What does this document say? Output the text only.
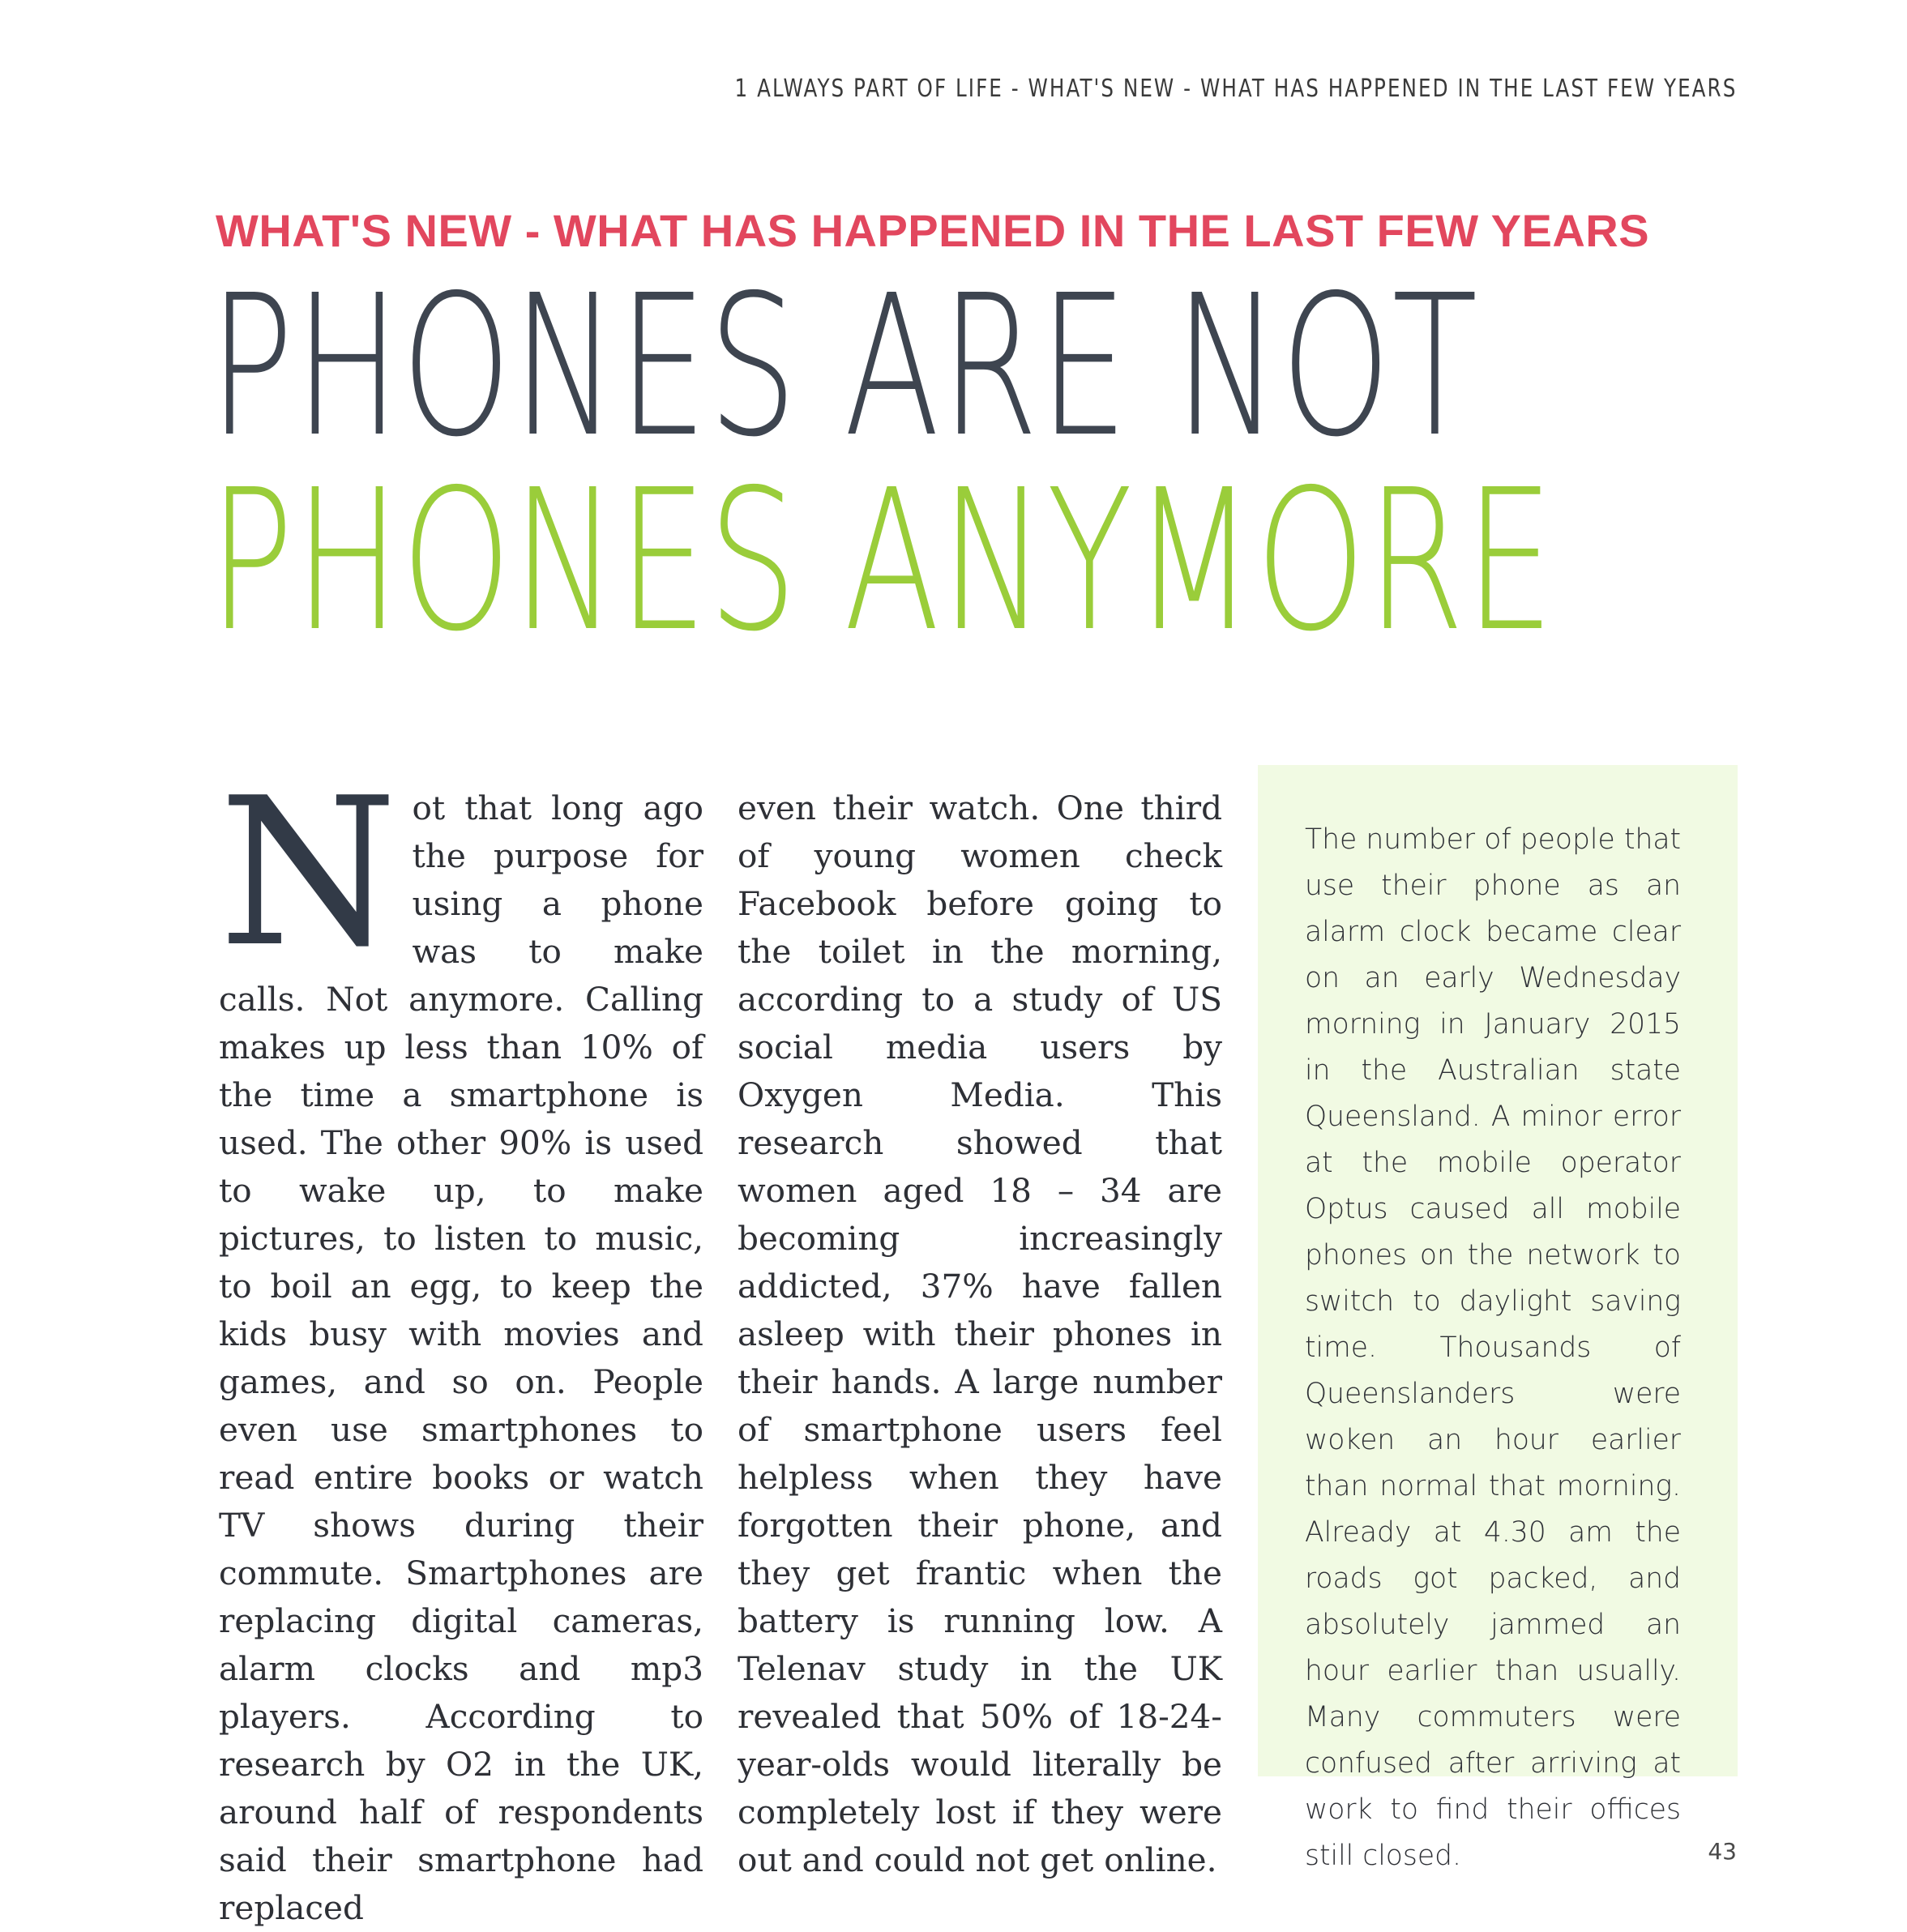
1 ALWAYS PART OF LIFE - WHAT'S NEW - WHAT HAS HAPPENED IN THE LAST FEW YEARS
WHAT'S NEW - WHAT HAS HAPPENED IN THE LAST FEW YEARS
PHONES ARE NOT
PHONES ANYMORE
Not that long ago the purpose for using a phone was to make calls. Not anymore. Calling makes up less than 10% of the time a smartphone is used. The other 90% is used to wake up, to make pictures, to listen to music, to boil an egg, to keep the kids busy with movies and games, and so on. People even use smartphones to read entire books or watch TV shows during their commute. Smartphones are replacing digital cameras, alarm clocks and mp3 players. According to research by O2 in the UK, around half of respondents said their smartphone had replaced
even their watch. One third of young women check Facebook before going to the toilet in the morning, according to a study of US social media users by Oxygen Media. This research showed that women aged 18 – 34 are becoming increasingly addicted, 37% have fallen asleep with their phones in their hands. A large number of smartphone users feel helpless when they have forgotten their phone, and they get frantic when the battery is running low. A Telenav study in the UK revealed that 50% of 18-24-year-olds would literally be completely lost if they were out and could not get online.

The number of people that use their phone as an alarm clock became clear on an early Wednesday morning in January 2015 in the Australian state Queensland. A minor error at the mobile operator Optus caused all mobile phones on the network to switch to daylight saving time. Thousands of Queenslanders were woken an hour earlier than normal that morning. Already at 4.30 am the roads got packed, and absolutely jammed an hour earlier than usually. Many commuters were confused after arriving at work to find their offices still closed.	43
